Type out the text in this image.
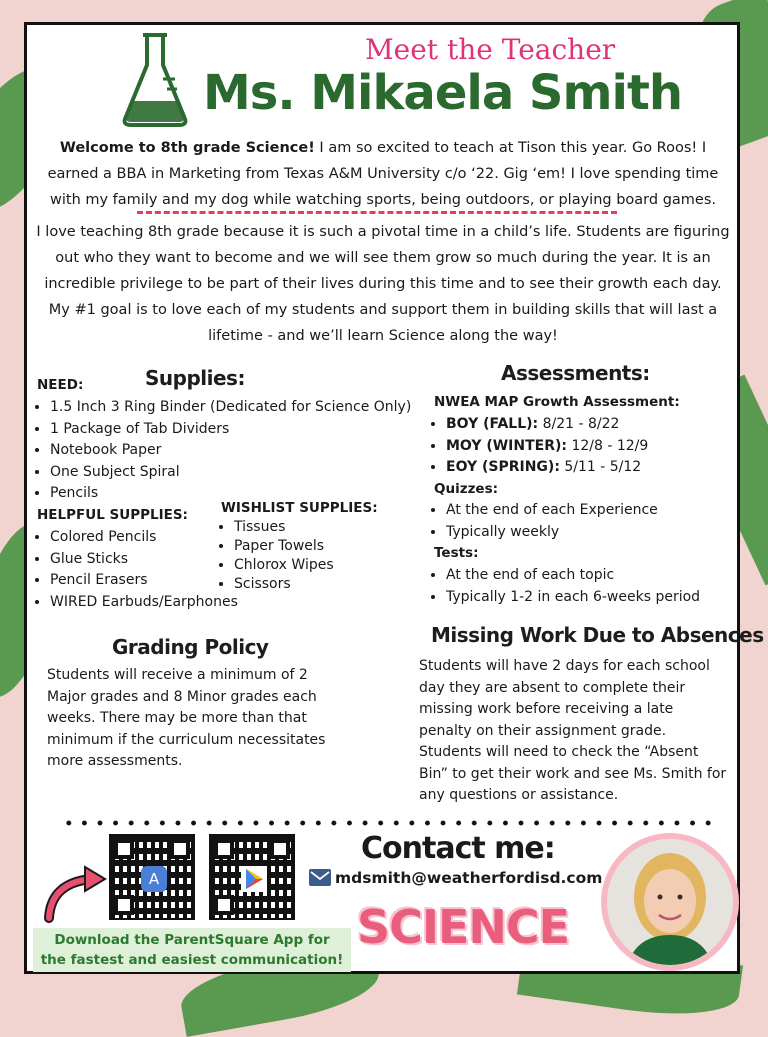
Meet the Teacher
Ms. Mikaela Smith
Welcome to 8th grade Science! I am so excited to teach at Tison this year. Go Roos! I earned a BBA in Marketing from Texas A&M University c/o ‘22. Gig ‘em! I love spending time with my family and my dog while watching sports, being outdoors, or playing board games.
I love teaching 8th grade because it is such a pivotal time in a child’s life. Students are figuring out who they want to become and we will see them grow so much during the year. It is an incredible privilege to be part of their lives during this time and to see their growth each day. My #1 goal is to love each of my students and support them in building skills that will last a lifetime - and we’ll learn Science along the way!
Supplies:
NEED:
• 1.5 Inch 3 Ring Binder (Dedicated for Science Only)
• 1 Package of Tab Dividers
• Notebook Paper
• One Subject Spiral
• Pencils
HELPFUL SUPPLIES:
• Colored Pencils
• Glue Sticks
• Pencil Erasers
• WIRED Earbuds/Earphones
WISHLIST SUPPLIES:
• Tissues
• Paper Towels
• Chlorox Wipes
• Scissors
Assessments:
NWEA MAP Growth Assessment:
• BOY (FALL): 8/21 - 8/22
• MOY (WINTER): 12/8 - 12/9
• EOY (SPRING): 5/11 - 5/12
Quizzes:
• At the end of each Experience
• Typically weekly
Tests:
• At the end of each topic
• Typically 1-2 in each 6-weeks period
Grading Policy
Students will receive a minimum of 2 Major grades and 8 Minor grades each weeks. There may be more than that minimum if the curriculum necessitates more assessments.
Missing Work Due to Absences
Students will have 2 days for each school day they are absent to complete their missing work before receiving a late penalty on their assignment grade. Students will need to check the “Absent Bin” to get their work and see Ms. Smith for any questions or assistance.
A
Download the ParentSquare App for
the fastest and easiest communication!
Contact me:
mdsmith@weatherfordisd.com
SCIENCE
